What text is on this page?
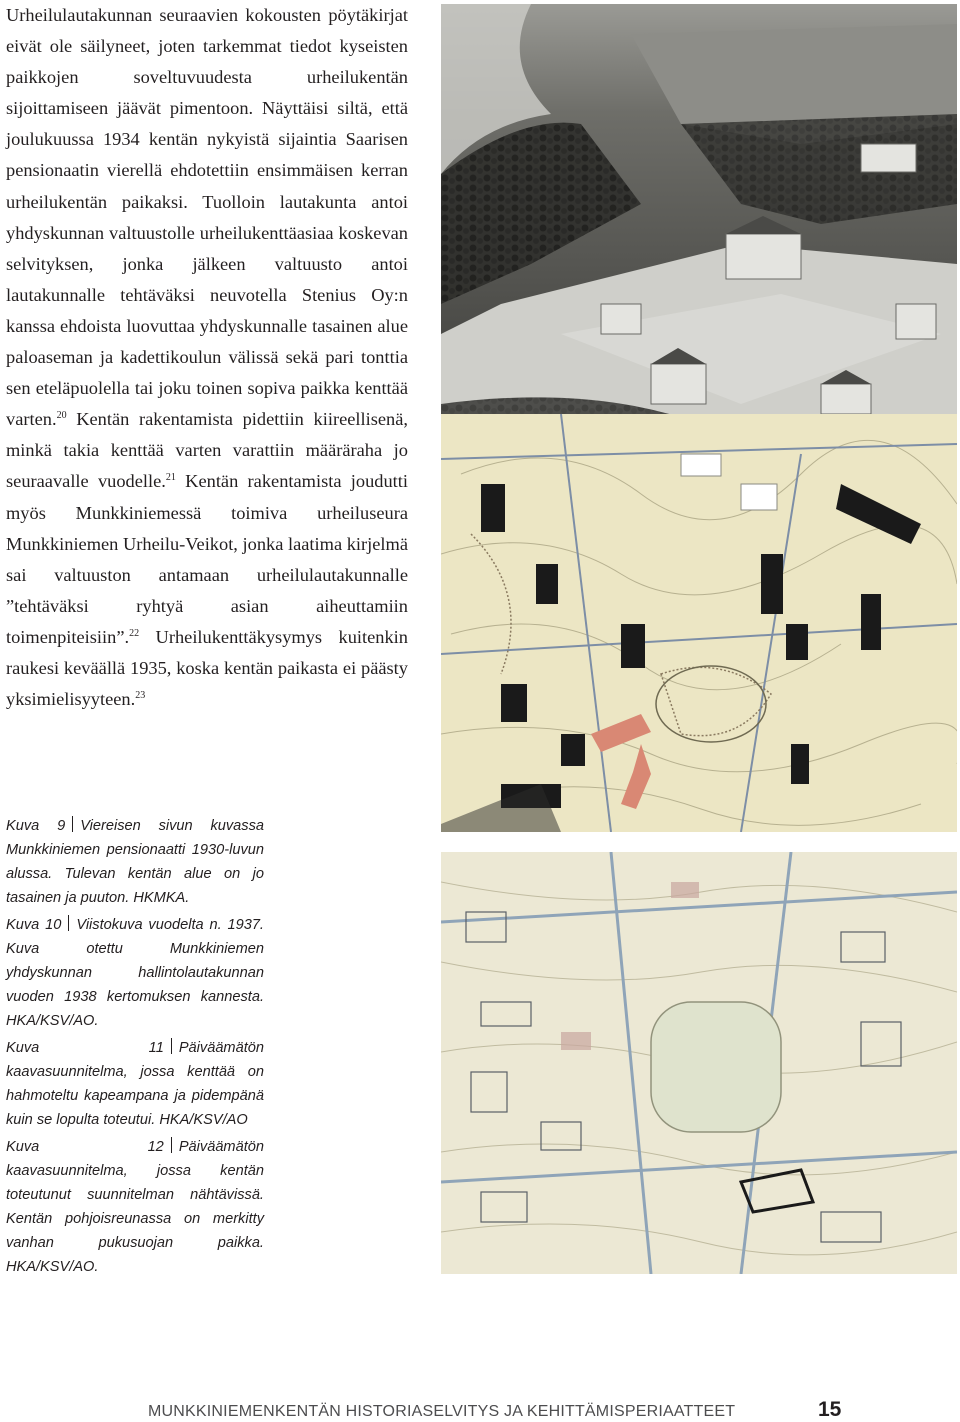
Urheilulautakunnan seuraavien kokousten pöytäkirjat eivät ole säilyneet, joten tarkemmat tiedot kyseisten paikkojen soveltuvuudesta urheilukentän sijoittamiseen jäävät pimentoon. Näyttäisi siltä, että joulukuussa 1934 kentän nykyistä sijaintia Saarisen pensionaatin vierellä ehdotettiin ensimmäisen kerran urheilukentän paikaksi. Tuolloin lautakunta antoi yhdyskunnan valtuustolle urheilukenttäasiaa koskevan selvityksen, jonka jälkeen valtuusto antoi lautakunnalle tehtäväksi neuvotella Stenius Oy:n kanssa ehdoista luovuttaa yhdyskunnalle tasainen alue paloaseman ja kadettikoulun välissä sekä pari tonttia sen eteläpuolella tai joku toinen sopiva paikka kenttää varten.$^{20}$ Kentän rakentamista pidettiin kiireellisenä, minkä takia kenttää varten varattiin määräraha jo seuraavalle vuodelle.$^{21}$ Kentän rakentamista joudutti myös Munkkiniemessä toimiva urheiluseura Munkkiniemen Urheilu-Veikot, jonka laatima kirjelmä sai valtuuston antamaan urheilulautakunnalle ”tehtäväksi ryhtyä asian aiheuttamiin toimenpiteisiin”.$^{22}$ Urheilukenttäkysymys kuitenkin raukesi keväällä 1935, koska kentän paikasta ei päästy yksimielisyyteen.$^{23}$

Kuva 9 Viereisen sivun kuvassa Munkkiniemen pensionaatti 1930-luvun alussa. Tulevan kentän alue on jo tasainen ja puuton. HKMKA.

Kuva 10 Viistokuva vuodelta n. 1937. Kuva otettu Munkkiniemen yhdyskunnan hallintolautakunnan vuoden 1938 kertomuksen kannesta. HKA/KSV/AO.

Kuva 11 Päiväämätön kaavasuunnitelma, jossa kenttää on hahmoteltu kapeampana ja pidempänä kuin se lopulta toteutui. HKA/KSV/AO

Kuva 12 Päiväämätön kaavasuunnitelma, jossa kentän toteutunut suunnitelman nähtävissä. Kentän pohjoisreunassa on merkitty vanhan pukusuojan paikka. HKA/KSV/AO.

MUNKKINIEMENKENTÄN HISTORIASELVITYS JA KEHITTÄMISPERIAATTEET	15
